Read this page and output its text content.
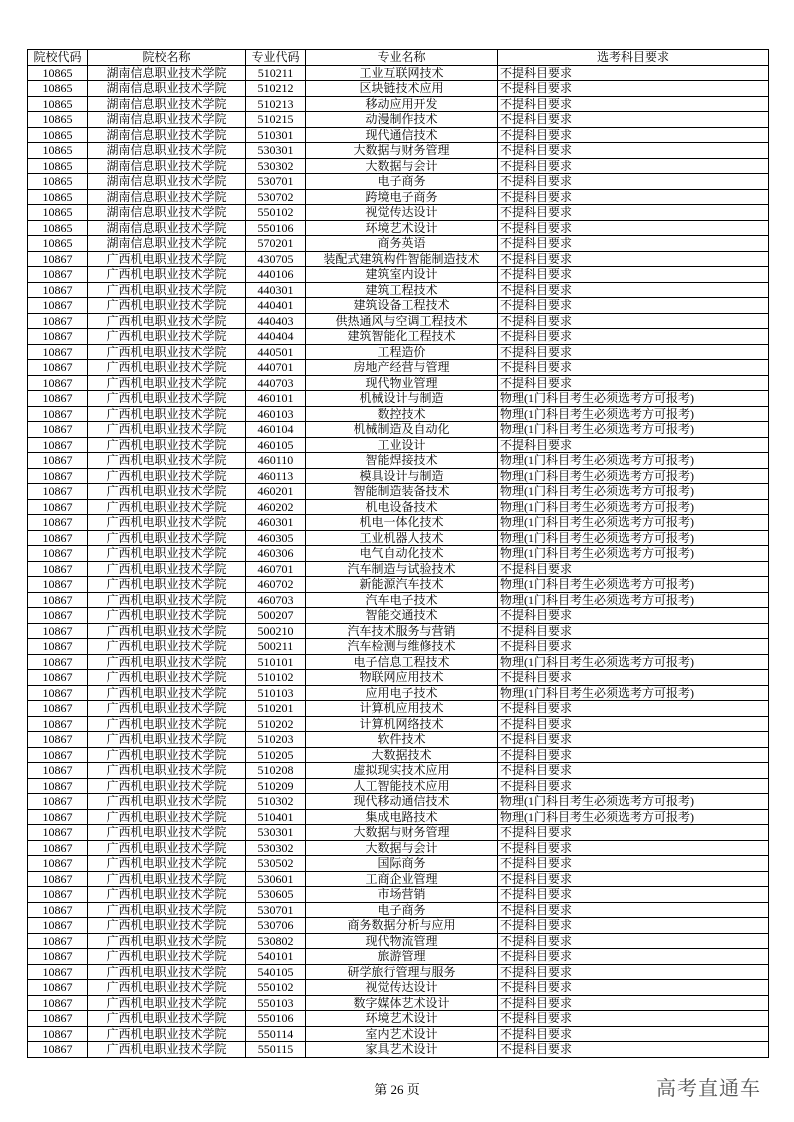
院校代码	院校名称	专业代码	专业名称	选考科目要求
10865	湖南信息职业技术学院	510211	工业互联网技术	不提科目要求
10865	湖南信息职业技术学院	510212	区块链技术应用	不提科目要求
10865	湖南信息职业技术学院	510213	移动应用开发	不提科目要求
10865	湖南信息职业技术学院	510215	动漫制作技术	不提科目要求
10865	湖南信息职业技术学院	510301	现代通信技术	不提科目要求
10865	湖南信息职业技术学院	530301	大数据与财务管理	不提科目要求
10865	湖南信息职业技术学院	530302	大数据与会计	不提科目要求
10865	湖南信息职业技术学院	530701	电子商务	不提科目要求
10865	湖南信息职业技术学院	530702	跨境电子商务	不提科目要求
10865	湖南信息职业技术学院	550102	视觉传达设计	不提科目要求
10865	湖南信息职业技术学院	550106	环境艺术设计	不提科目要求
10865	湖南信息职业技术学院	570201	商务英语	不提科目要求
10867	广西机电职业技术学院	430705	装配式建筑构件智能制造技术	不提科目要求
10867	广西机电职业技术学院	440106	建筑室内设计	不提科目要求
10867	广西机电职业技术学院	440301	建筑工程技术	不提科目要求
10867	广西机电职业技术学院	440401	建筑设备工程技术	不提科目要求
10867	广西机电职业技术学院	440403	供热通风与空调工程技术	不提科目要求
10867	广西机电职业技术学院	440404	建筑智能化工程技术	不提科目要求
10867	广西机电职业技术学院	440501	工程造价	不提科目要求
10867	广西机电职业技术学院	440701	房地产经营与管理	不提科目要求
10867	广西机电职业技术学院	440703	现代物业管理	不提科目要求
10867	广西机电职业技术学院	460101	机械设计与制造	物理(1门科目考生必须选考方可报考)
10867	广西机电职业技术学院	460103	数控技术	物理(1门科目考生必须选考方可报考)
10867	广西机电职业技术学院	460104	机械制造及自动化	物理(1门科目考生必须选考方可报考)
10867	广西机电职业技术学院	460105	工业设计	不提科目要求
10867	广西机电职业技术学院	460110	智能焊接技术	物理(1门科目考生必须选考方可报考)
10867	广西机电职业技术学院	460113	模具设计与制造	物理(1门科目考生必须选考方可报考)
10867	广西机电职业技术学院	460201	智能制造装备技术	物理(1门科目考生必须选考方可报考)
10867	广西机电职业技术学院	460202	机电设备技术	物理(1门科目考生必须选考方可报考)
10867	广西机电职业技术学院	460301	机电一体化技术	物理(1门科目考生必须选考方可报考)
10867	广西机电职业技术学院	460305	工业机器人技术	物理(1门科目考生必须选考方可报考)
10867	广西机电职业技术学院	460306	电气自动化技术	物理(1门科目考生必须选考方可报考)
10867	广西机电职业技术学院	460701	汽车制造与试验技术	不提科目要求
10867	广西机电职业技术学院	460702	新能源汽车技术	物理(1门科目考生必须选考方可报考)
10867	广西机电职业技术学院	460703	汽车电子技术	物理(1门科目考生必须选考方可报考)
10867	广西机电职业技术学院	500207	智能交通技术	不提科目要求
10867	广西机电职业技术学院	500210	汽车技术服务与营销	不提科目要求
10867	广西机电职业技术学院	500211	汽车检测与维修技术	不提科目要求
10867	广西机电职业技术学院	510101	电子信息工程技术	物理(1门科目考生必须选考方可报考)
10867	广西机电职业技术学院	510102	物联网应用技术	不提科目要求
10867	广西机电职业技术学院	510103	应用电子技术	物理(1门科目考生必须选考方可报考)
10867	广西机电职业技术学院	510201	计算机应用技术	不提科目要求
10867	广西机电职业技术学院	510202	计算机网络技术	不提科目要求
10867	广西机电职业技术学院	510203	软件技术	不提科目要求
10867	广西机电职业技术学院	510205	大数据技术	不提科目要求
10867	广西机电职业技术学院	510208	虚拟现实技术应用	不提科目要求
10867	广西机电职业技术学院	510209	人工智能技术应用	不提科目要求
10867	广西机电职业技术学院	510302	现代移动通信技术	物理(1门科目考生必须选考方可报考)
10867	广西机电职业技术学院	510401	集成电路技术	物理(1门科目考生必须选考方可报考)
10867	广西机电职业技术学院	530301	大数据与财务管理	不提科目要求
10867	广西机电职业技术学院	530302	大数据与会计	不提科目要求
10867	广西机电职业技术学院	530502	国际商务	不提科目要求
10867	广西机电职业技术学院	530601	工商企业管理	不提科目要求
10867	广西机电职业技术学院	530605	市场营销	不提科目要求
10867	广西机电职业技术学院	530701	电子商务	不提科目要求
10867	广西机电职业技术学院	530706	商务数据分析与应用	不提科目要求
10867	广西机电职业技术学院	530802	现代物流管理	不提科目要求
10867	广西机电职业技术学院	540101	旅游管理	不提科目要求
10867	广西机电职业技术学院	540105	研学旅行管理与服务	不提科目要求
10867	广西机电职业技术学院	550102	视觉传达设计	不提科目要求
10867	广西机电职业技术学院	550103	数字媒体艺术设计	不提科目要求
10867	广西机电职业技术学院	550106	环境艺术设计	不提科目要求
10867	广西机电职业技术学院	550114	室内艺术设计	不提科目要求
10867	广西机电职业技术学院	550115	家具艺术设计	不提科目要求
第 26 页	高考直通车
